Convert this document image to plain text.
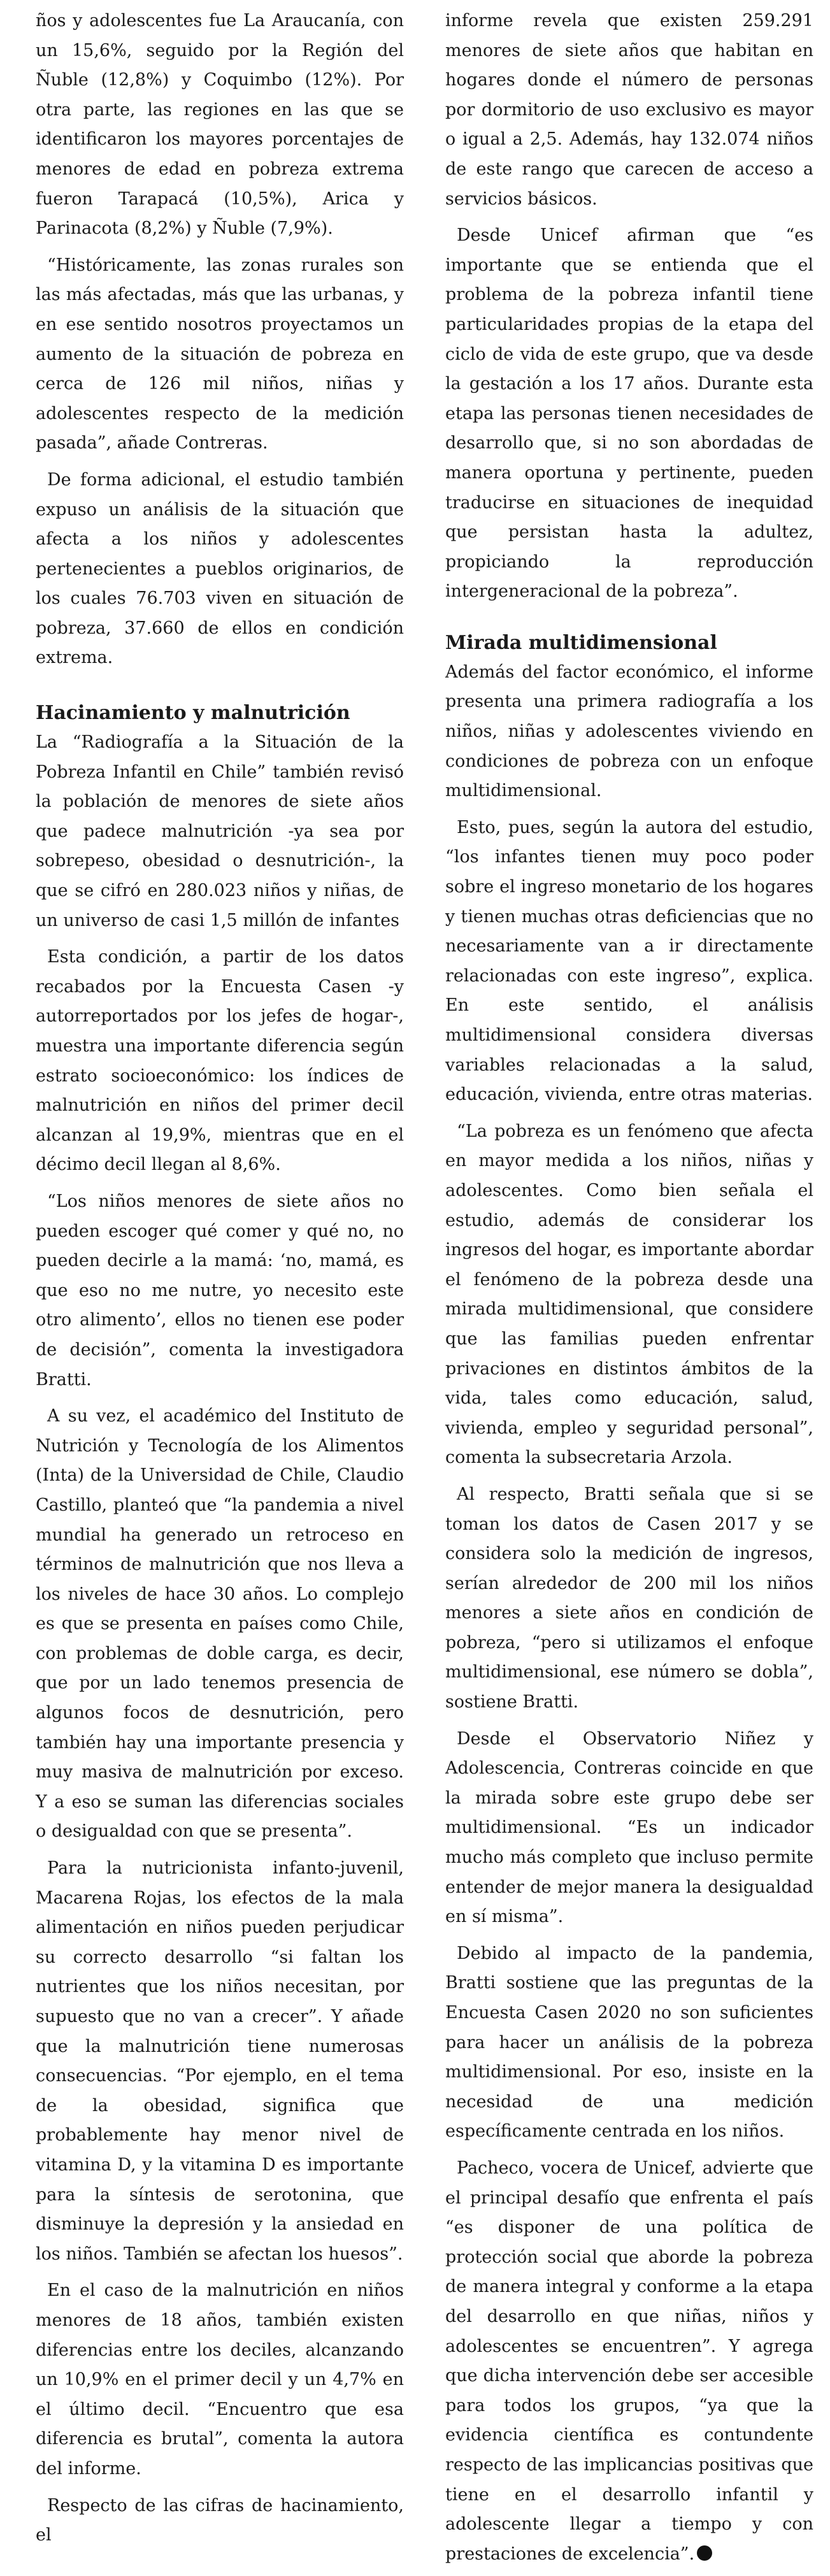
ños y adolescentes fue La Araucanía, con un 15,6%, seguido por la Región del Ñuble (12,8%) y Coquimbo (12%). Por otra parte, las regiones en las que se identificaron los mayores porcentajes de menores de edad en pobreza extrema fueron Tarapacá (10,5%), Arica y Parinacota (8,2%) y Ñuble (7,9%).

“Históricamente, las zonas rurales son las más afectadas, más que las urbanas, y en ese sentido nosotros proyectamos un aumento de la situación de pobreza en cerca de 126 mil niños, niñas y adolescentes respecto de la medición pasada”, añade Contreras.

De forma adicional, el estudio también expuso un análisis de la situación que afecta a los niños y adolescentes pertenecientes a pueblos originarios, de los cuales 76.703 viven en situación de pobreza, 37.660 de ellos en condición extrema.

Hacinamiento y malnutrición

La “Radiografía a la Situación de la Pobreza Infantil en Chile” también revisó la población de menores de siete años que padece malnutrición -ya sea por sobrepeso, obesidad o desnutrición-, la que se cifró en 280.023 niños y niñas, de un universo de casi 1,5 millón de infantes

Esta condición, a partir de los datos recabados por la Encuesta Casen -y autorreportados por los jefes de hogar-, muestra una importante diferencia según estrato socioeconómico: los índices de malnutrición en niños del primer decil alcanzan al 19,9%, mientras que en el décimo decil llegan al 8,6%.

“Los niños menores de siete años no pueden escoger qué comer y qué no, no pueden decirle a la mamá: ‘no, mamá, es que eso no me nutre, yo necesito este otro alimento’, ellos no tienen ese poder de decisión”, comenta la investigadora Bratti.

A su vez, el académico del Instituto de Nutrición y Tecnología de los Alimentos (Inta) de la Universidad de Chile, Claudio Castillo, planteó que “la pandemia a nivel mundial ha generado un retroceso en términos de malnutrición que nos lleva a los niveles de hace 30 años. Lo complejo es que se presenta en países como Chile, con problemas de doble carga, es decir, que por un lado tenemos presencia de algunos focos de desnutrición, pero también hay una importante presencia y muy masiva de malnutrición por exceso. Y a eso se suman las diferencias sociales o desigualdad con que se presenta”.

Para la nutricionista infanto-juvenil, Macarena Rojas, los efectos de la mala alimentación en niños pueden perjudicar su correcto desarrollo “si faltan los nutrientes que los niños necesitan, por supuesto que no van a crecer”. Y añade que la malnutrición tiene numerosas consecuencias. “Por ejemplo, en el tema de la obesidad, significa que probablemente hay menor nivel de vitamina D, y la vitamina D es importante para la síntesis de serotonina, que disminuye la depresión y la ansiedad en los niños. También se afectan los huesos”.

En el caso de la malnutrición en niños menores de 18 años, también existen diferencias entre los deciles, alcanzando un 10,9% en el primer decil y un 4,7% en el último decil. “Encuentro que esa diferencia es brutal”, comenta la autora del informe.

Respecto de las cifras de hacinamiento, el

informe revela que existen 259.291 menores de siete años que habitan en hogares donde el número de personas por dormitorio de uso exclusivo es mayor o igual a 2,5. Además, hay 132.074 niños de este rango que carecen de acceso a servicios básicos.

Desde Unicef afirman que “es importante que se entienda que el problema de la pobreza infantil tiene particularidades propias de la etapa del ciclo de vida de este grupo, que va desde la gestación a los 17 años. Durante esta etapa las personas tienen necesidades de desarrollo que, si no son abordadas de manera oportuna y pertinente, pueden traducirse en situaciones de inequidad que persistan hasta la adultez, propiciando la reproducción intergeneracional de la pobreza”.

Mirada multidimensional

Además del factor económico, el informe presenta una primera radiografía a los niños, niñas y adolescentes viviendo en condiciones de pobreza con un enfoque multidimensional.

Esto, pues, según la autora del estudio, “los infantes tienen muy poco poder sobre el ingreso monetario de los hogares y tienen muchas otras deficiencias que no necesariamente van a ir directamente relacionadas con este ingreso”, explica. En este sentido, el análisis multidimensional considera diversas variables relacionadas a la salud, educación, vivienda, entre otras materias.

“La pobreza es un fenómeno que afecta en mayor medida a los niños, niñas y adolescentes. Como bien señala el estudio, además de considerar los ingresos del hogar, es importante abordar el fenómeno de la pobreza desde una mirada multidimensional, que considere que las familias pueden enfrentar privaciones en distintos ámbitos de la vida, tales como educación, salud, vivienda, empleo y seguridad personal”, comenta la subsecretaria Arzola.

Al respecto, Bratti señala que si se toman los datos de Casen 2017 y se considera solo la medición de ingresos, serían alrededor de 200 mil los niños menores a siete años en condición de pobreza, “pero si utilizamos el enfoque multidimensional, ese número se dobla”, sostiene Bratti.

Desde el Observatorio Niñez y Adolescencia, Contreras coincide en que la mirada sobre este grupo debe ser multidimensional. “Es un indicador mucho más completo que incluso permite entender de mejor manera la desigualdad en sí misma”.

Debido al impacto de la pandemia, Bratti sostiene que las preguntas de la Encuesta Casen 2020 no son suficientes para hacer un análisis de la pobreza multidimensional. Por eso, insiste en la necesidad de una medición específicamente centrada en los niños.

Pacheco, vocera de Unicef, advierte que el principal desafío que enfrenta el país “es disponer de una política de protección social que aborde la pobreza de manera integral y conforme a la etapa del desarrollo en que niñas, niños y adolescentes se encuentren”. Y agrega que dicha intervención debe ser accesible para todos los grupos, “ya que la evidencia científica es contundente respecto de las implicancias positivas que tiene en el desarrollo infantil y adolescente llegar a tiempo y con prestaciones de excelencia”.
